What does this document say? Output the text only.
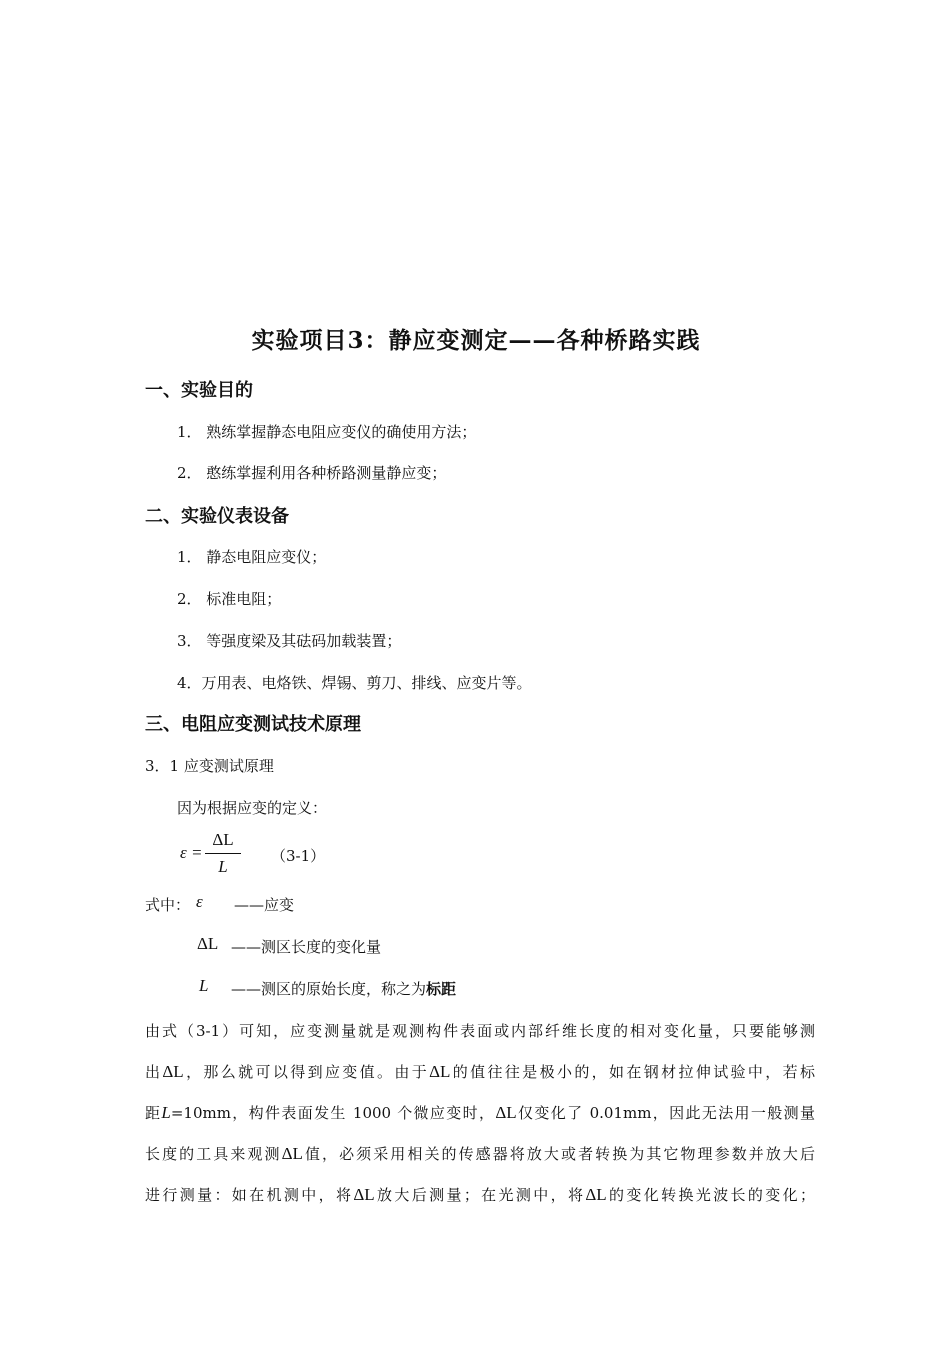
实验项目3：静应变测定——各种桥路实践
一、实验目的
1． 熟练掌握静态电阻应变仪的确使用方法；
2． 憨练掌握利用各种桥路测量静应变；
二、实验仪表设备
1． 静态电阻应变仪；
2． 标准电阻；
3． 等强度梁及其砝码加载装置；
4．万用表、电烙铁、焊锡、剪刀、排线、应变片等。
三、电阻应变测试技术原理
3．1 应变测试原理
因为根据应变的定义：
ε =
ΔL
L
（3-1）
式中： ε ——应变
ΔL ——测区长度的变化量
L ——测区的原始长度，称之为标距
由式（3-1）可知，应变测量就是观测构件表面或内部纤维长度的相对变化量，只要能够测
出ΔL，那么就可以得到应变值。由于ΔL的值往往是极小的，如在钢材拉伸试验中，若标
距L=10mm，构件表面发生 1000 个微应变时，ΔL仅变化了 0.01mm，因此无法用一般测量
长度的工具来观测ΔL值，必须采用相关的传感器将放大或者转换为其它物理参数并放大后
进行测量：如在机测中，将ΔL放大后测量；在光测中，将ΔL的变化转换光波长的变化；
